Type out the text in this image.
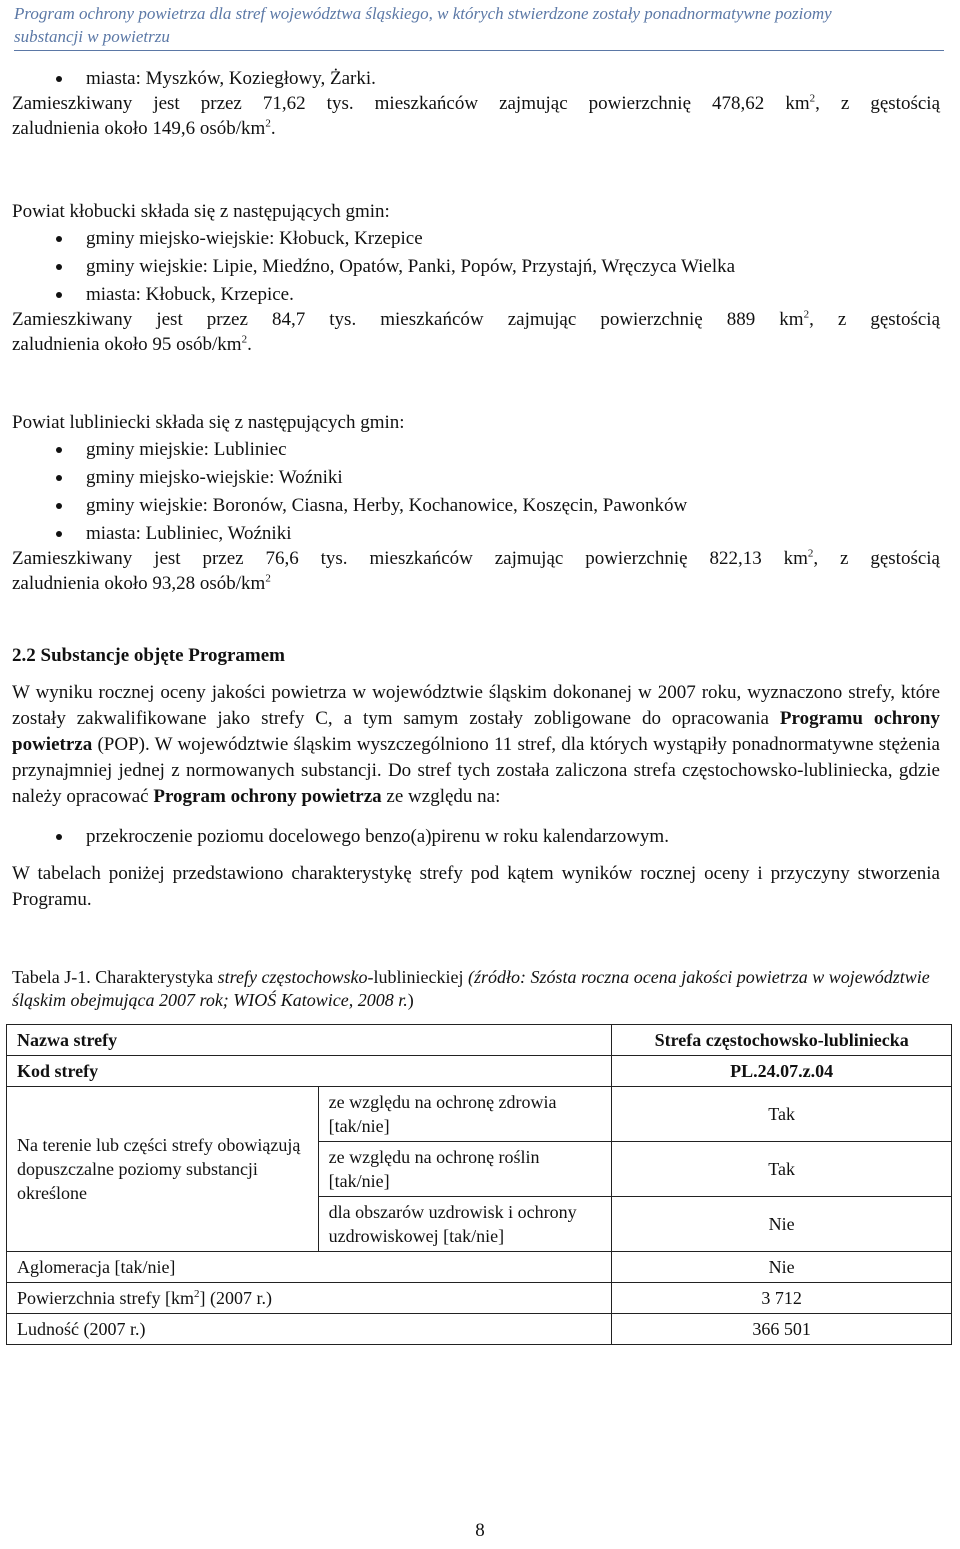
Program ochrony powietrza dla stref województwa śląskiego, w których stwierdzone zostały ponadnormatywne poziomy
substancji w powietrzu
miasta: Myszków, Koziegłowy, Żarki.

Zamieszkiwany jest przez 71,62 tys. mieszkańców zajmując powierzchnię 478,62 $km^2$, z gęstością

zaludnienia około 149,6 osób/$km^2$.

Powiat kłobucki składa się z następujących gmin:

gminy miejsko-wiejskie: Kłobuck, Krzepice
gminy wiejskie: Lipie, Miedźno, Opatów, Panki, Popów, Przystajń, Wręczyca Wielka
miasta: Kłobuck, Krzepice.

Zamieszkiwany jest przez 84,7 tys. mieszkańców zajmując powierzchnię 889 $km^2$, z gęstością

zaludnienia około 95 osób/$km^2$.

Powiat lubliniecki składa się z następujących gmin:

gminy miejskie: Lubliniec
gminy miejsko-wiejskie: Woźniki
gminy wiejskie: Boronów, Ciasna, Herby, Kochanowice, Koszęcin, Pawonków
miasta: Lubliniec, Woźniki

Zamieszkiwany jest przez 76,6 tys. mieszkańców zajmując powierzchnię 822,13 $km^2$, z gęstością

zaludnienia około 93,28 osób/$km^2$

2.2 Substancje objęte Programem

W wyniku rocznej oceny jakości powietrza w województwie śląskim dokonanej w 2007 roku, wyznaczono strefy, które zostały zakwalifikowane jako strefy C, a tym samym zostały zobligowane do opracowania Programu ochrony powietrza (POP). W województwie śląskim wyszczególniono 11 stref, dla których wystąpiły ponadnormatywne stężenia przynajmniej jednej z normowanych substancji. Do stref tych została zaliczona strefa częstochowsko-lubliniecka, gdzie należy opracować Program ochrony powietrza ze względu na:

przekroczenie poziomu docelowego benzo(a)pirenu w roku kalendarzowym.

W tabelach poniżej przedstawiono charakterystykę strefy pod kątem wyników rocznej oceny i przyczyny stworzenia Programu.

Tabela J-1. Charakterystyka strefy częstochowsko-lublinieckiej (źródło: Szósta roczna ocena jakości powietrza w województwie śląskim obejmująca 2007 rok; WIOŚ Katowice, 2008 r.)
Nazwa strefy		Strefa częstochowsko-lubliniecka
Kod strefy		PL.24.07.z.04
Na terenie lub części strefy obowiązują dopuszczalne poziomy substancji określone	ze względu na ochronę zdrowia [tak/nie]	Tak
	ze względu na ochronę roślin [tak/nie]	Tak
	dla obszarów uzdrowisk i ochrony uzdrowiskowej [tak/nie]	Nie
Aglomeracja [tak/nie]		Nie
Powierzchnia strefy $[km^2]$ (2007 r.)		3 712
Ludność (2007 r.)		366 501
8
